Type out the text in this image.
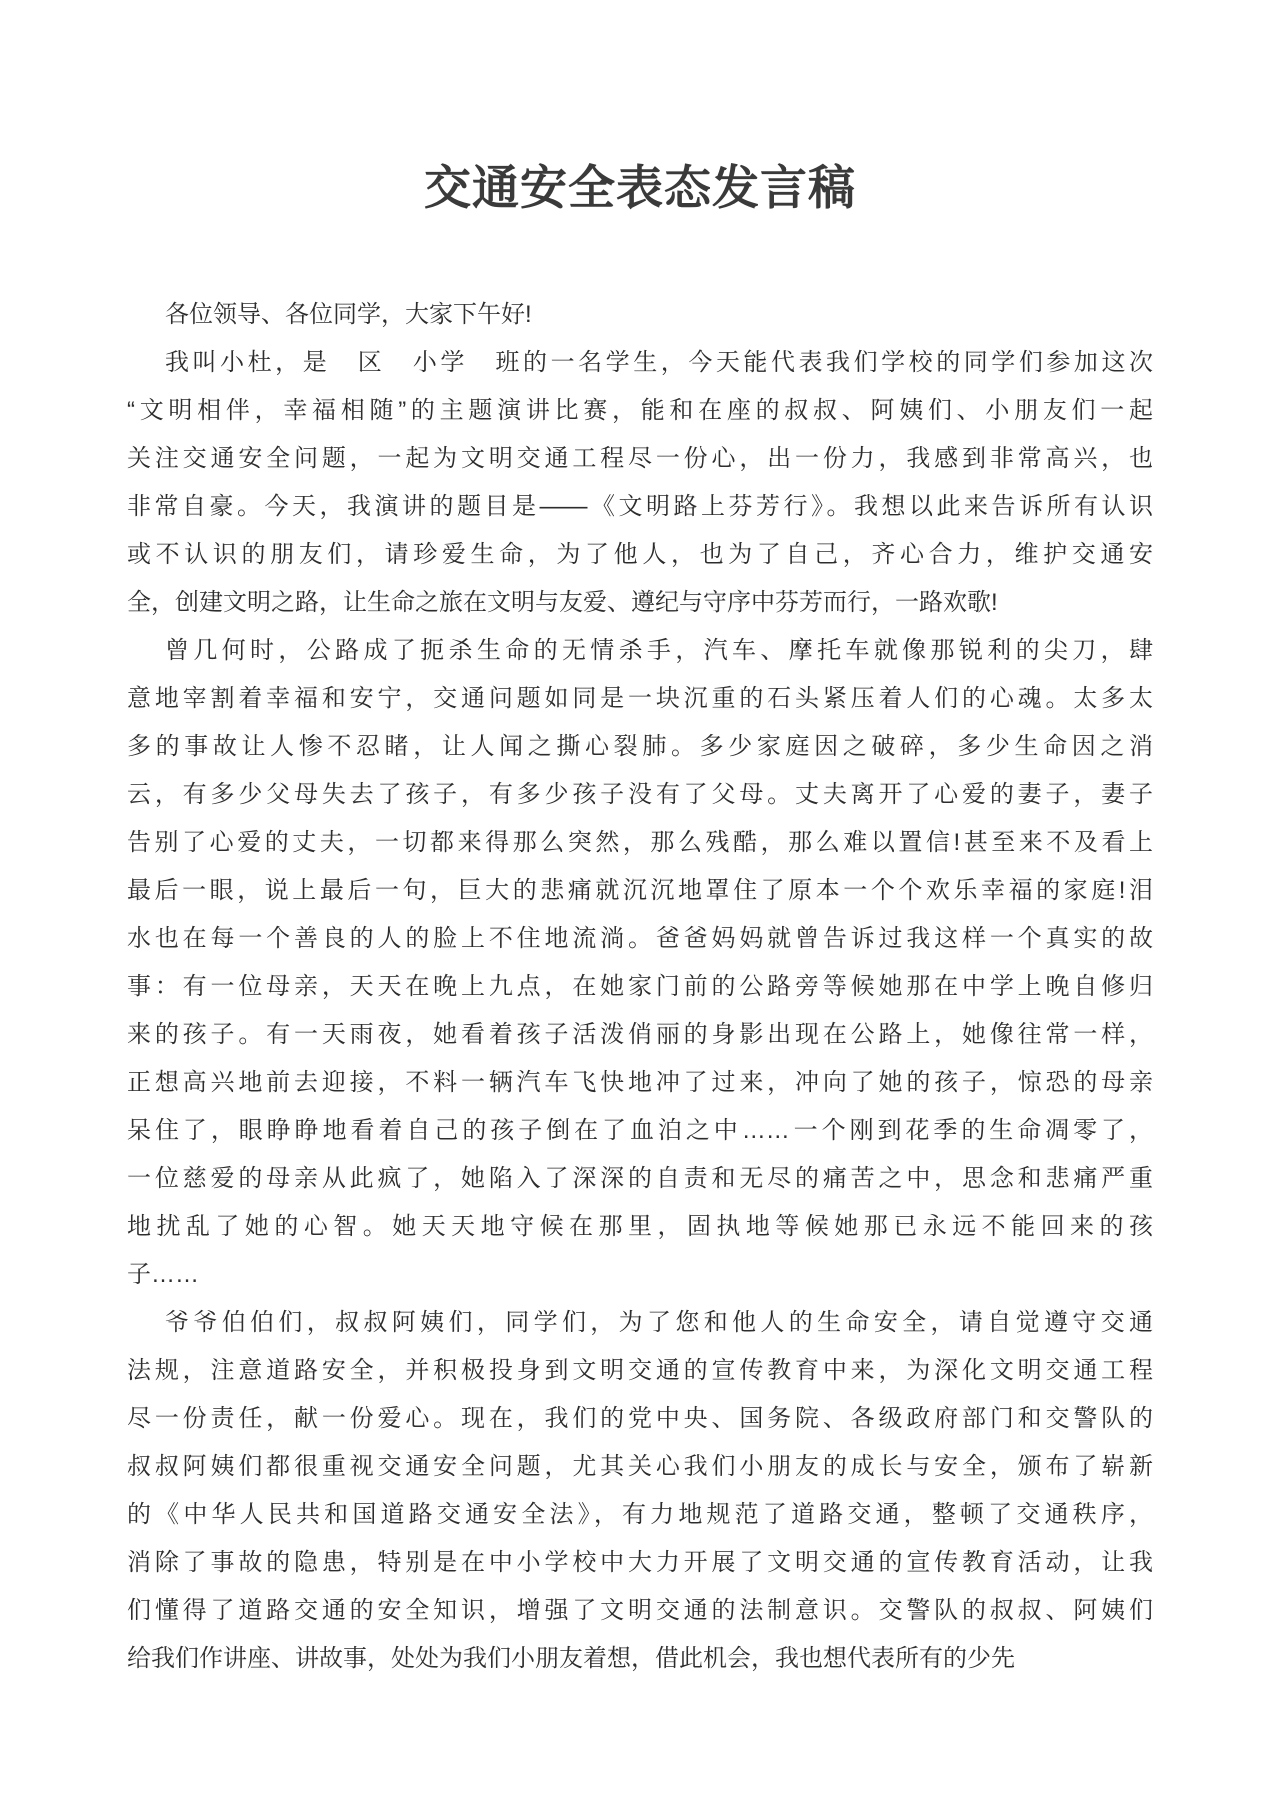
交通安全表态发言稿
各位领导、各位同学，大家下午好!
我叫小杜，是　区　小学　班的一名学生，今天能代表我们学校的同学们参加这次
“文明相伴，幸福相随”的主题演讲比赛，能和在座的叔叔、阿姨们、小朋友们一起
关注交通安全问题，一起为文明交通工程尽一份心，出一份力，我感到非常高兴，也
非常自豪。今天，我演讲的题目是——《文明路上芬芳行》。我想以此来告诉所有认识
或不认识的朋友们，请珍爱生命，为了他人，也为了自己，齐心合力，维护交通安
全，创建文明之路，让生命之旅在文明与友爱、遵纪与守序中芬芳而行，一路欢歌!
曾几何时，公路成了扼杀生命的无情杀手，汽车、摩托车就像那锐利的尖刀，肆
意地宰割着幸福和安宁，交通问题如同是一块沉重的石头紧压着人们的心魂。太多太
多的事故让人惨不忍睹，让人闻之撕心裂肺。多少家庭因之破碎，多少生命因之消
云，有多少父母失去了孩子，有多少孩子没有了父母。丈夫离开了心爱的妻子，妻子
告别了心爱的丈夫，一切都来得那么突然，那么残酷，那么难以置信!甚至来不及看上
最后一眼，说上最后一句，巨大的悲痛就沉沉地罩住了原本一个个欢乐幸福的家庭!泪
水也在每一个善良的人的脸上不住地流淌。爸爸妈妈就曾告诉过我这样一个真实的故
事：有一位母亲，天天在晚上九点，在她家门前的公路旁等候她那在中学上晚自修归
来的孩子。有一天雨夜，她看着孩子活泼俏丽的身影出现在公路上，她像往常一样，
正想高兴地前去迎接，不料一辆汽车飞快地冲了过来，冲向了她的孩子，惊恐的母亲
呆住了，眼睁睁地看着自己的孩子倒在了血泊之中……一个刚到花季的生命凋零了，
一位慈爱的母亲从此疯了，她陷入了深深的自责和无尽的痛苦之中，思念和悲痛严重
地扰乱了她的心智。她天天地守候在那里，固执地等候她那已永远不能回来的孩
子……
爷爷伯伯们，叔叔阿姨们，同学们，为了您和他人的生命安全，请自觉遵守交通
法规，注意道路安全，并积极投身到文明交通的宣传教育中来，为深化文明交通工程
尽一份责任，献一份爱心。现在，我们的党中央、国务院、各级政府部门和交警队的
叔叔阿姨们都很重视交通安全问题，尤其关心我们小朋友的成长与安全，颁布了崭新
的《中华人民共和国道路交通安全法》，有力地规范了道路交通，整顿了交通秩序，
消除了事故的隐患，特别是在中小学校中大力开展了文明交通的宣传教育活动，让我
们懂得了道路交通的安全知识，增强了文明交通的法制意识。交警队的叔叔、阿姨们
给我们作讲座、讲故事，处处为我们小朋友着想，借此机会，我也想代表所有的少先
